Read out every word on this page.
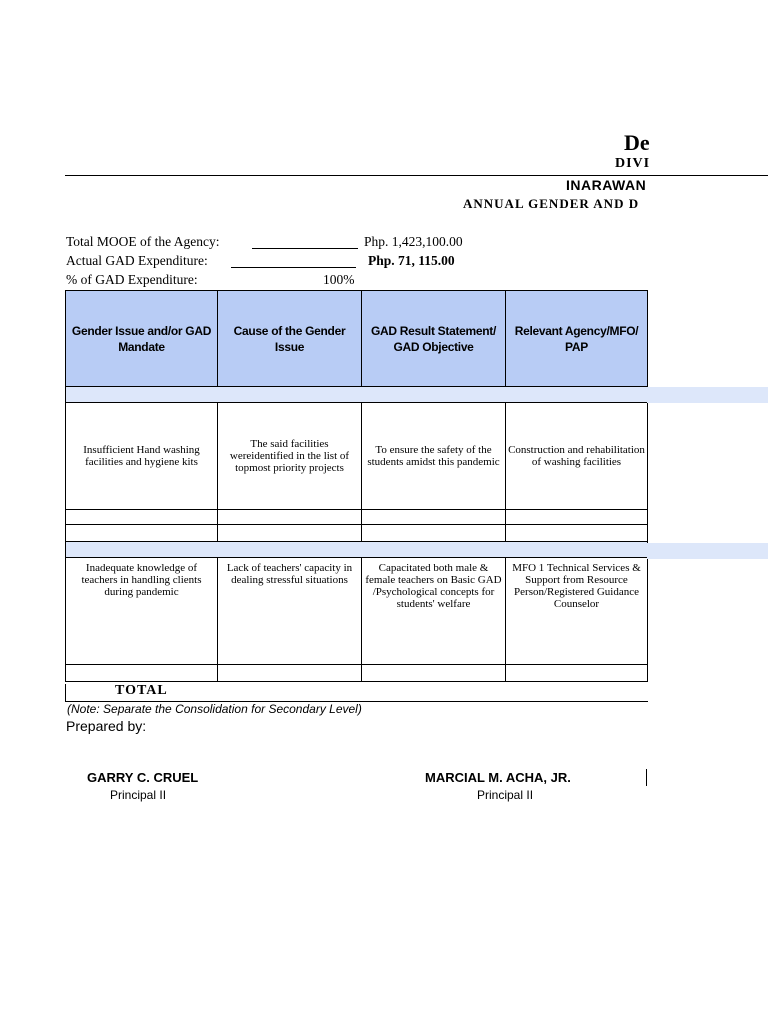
De
DIVI
INARAWAN
ANNUAL GENDER AND D
Total MOOE of the Agency:	Php. 1,423,100.00
Actual GAD Expenditure:	Php. 71, 115.00
% of GAD Expenditure:	100%
Gender Issue and/or GAD Mandate	Cause of the Gender Issue	GAD Result Statement/ GAD Objective	Relevant Agency/MFO/ PAP

Insufficient Hand washing facilities and hygiene kits	The said facilities wereidentified in the list of topmost priority projects	To ensure the safety of the students amidst this pandemic	Construction and rehabilitation of washing facilities

Inadequate knowledge of teachers in handling clients during pandemic	Lack of teachers' capacity in dealing stressful situations	Capacitated both male & female teachers on Basic GAD /Psychological concepts for students' welfare	MFO 1 Technical Services & Support from Resource Person/Registered Guidance Counselor

TOTAL
(Note: Separate the Consolidation for Secondary Level)
Prepared by:
GARRY C. CRUEL
Principal II
MARCIAL M. ACHA, JR.
Principal II
